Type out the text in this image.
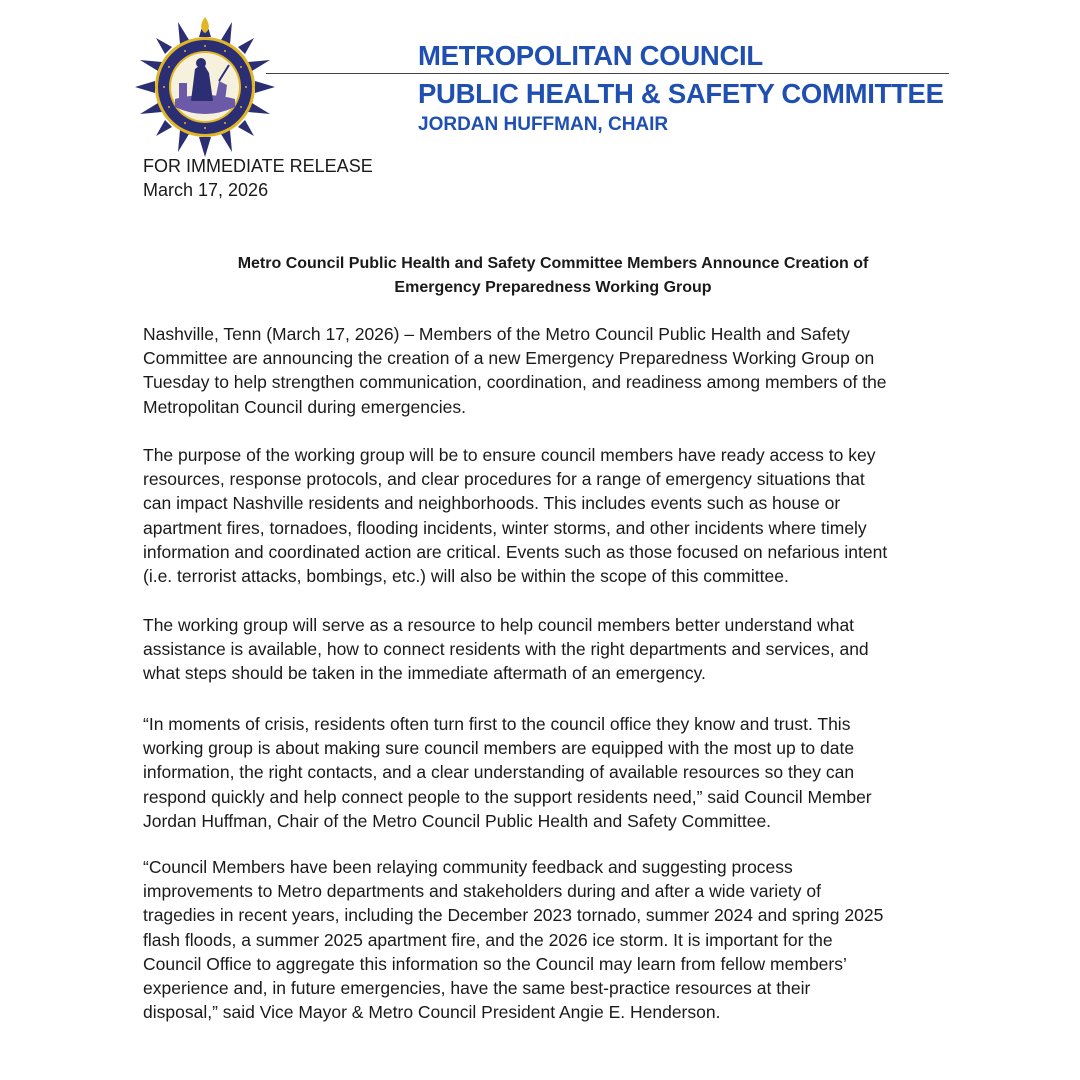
METROPOLITAN COUNCIL
PUBLIC HEALTH & SAFETY COMMITTEE
JORDAN HUFFMAN, CHAIR
FOR IMMEDIATE RELEASE
March 17, 2026
Metro Council Public Health and Safety Committee Members Announce Creation of
Emergency Preparedness Working Group
Nashville, Tenn (March 17, 2026) – Members of the Metro Council Public Health and Safety
Committee are announcing the creation of a new Emergency Preparedness Working Group on
Tuesday to help strengthen communication, coordination, and readiness among members of the
Metropolitan Council during emergencies.
The purpose of the working group will be to ensure council members have ready access to key
resources, response protocols, and clear procedures for a range of emergency situations that
can impact Nashville residents and neighborhoods. This includes events such as house or
apartment fires, tornadoes, flooding incidents, winter storms, and other incidents where timely
information and coordinated action are critical. Events such as those focused on nefarious intent
(i.e. terrorist attacks, bombings, etc.) will also be within the scope of this committee.
The working group will serve as a resource to help council members better understand what
assistance is available, how to connect residents with the right departments and services, and
what steps should be taken in the immediate aftermath of an emergency.
“In moments of crisis, residents often turn first to the council office they know and trust. This
working group is about making sure council members are equipped with the most up to date
information, the right contacts, and a clear understanding of available resources so they can
respond quickly and help connect people to the support residents need,” said Council Member
Jordan Huffman, Chair of the Metro Council Public Health and Safety Committee.
“Council Members have been relaying community feedback and suggesting process
improvements to Metro departments and stakeholders during and after a wide variety of
tragedies in recent years, including the December 2023 tornado, summer 2024 and spring 2025
flash floods, a summer 2025 apartment fire, and the 2026 ice storm. It is important for the
Council Office to aggregate this information so the Council may learn from fellow members’
experience and, in future emergencies, have the same best-practice resources at their
disposal,” said Vice Mayor & Metro Council President Angie E. Henderson.
